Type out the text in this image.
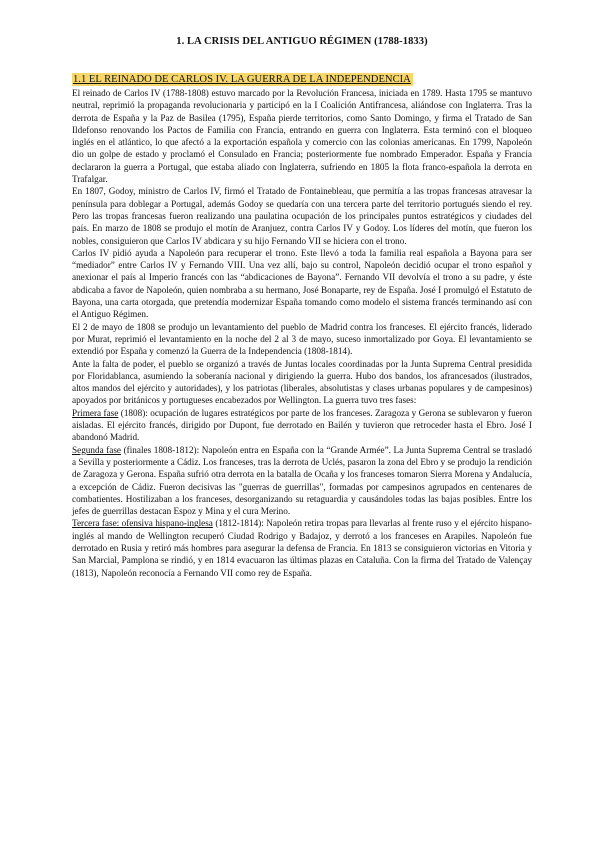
1. LA CRISIS DEL ANTIGUO RÉGIMEN (1788-1833)
1.1 EL REINADO DE CARLOS IV. LA GUERRA DE LA INDEPENDENCIA

El reinado de Carlos IV (1788-1808) estuvo marcado por la Revolución Francesa, iniciada en 1789. Hasta 1795 se mantuvo neutral, reprimió la propaganda revolucionaria y participó en la I Coalición Antifrancesa, aliándose con Inglaterra. Tras la derrota de España y la Paz de Basilea (1795), España pierde territorios, como Santo Domingo, y firma el Tratado de San Ildefonso renovando los Pactos de Familia con Francia, entrando en guerra con Inglaterra. Esta terminó con el bloqueo inglés en el atlántico, lo que afectó a la exportación española y comercio con las colonias americanas. En 1799, Napoleón dio un golpe de estado y proclamó el Consulado en Francia; posteriormente fue nombrado Emperador. España y Francia declararon la guerra a Portugal, que estaba aliado con Inglaterra, sufriendo en 1805 la flota franco-española la derrota en Trafalgar.

En 1807, Godoy, ministro de Carlos IV, firmó el Tratado de Fontainebleau, que permitía a las tropas francesas atravesar la península para doblegar a Portugal, además Godoy se quedaría con una tercera parte del territorio portugués siendo el rey. Pero las tropas francesas fueron realizando una paulatina ocupación de los principales puntos estratégicos y ciudades del país. En marzo de 1808 se produjo el motín de Aranjuez, contra Carlos IV y Godoy. Los líderes del motín, que fueron los nobles, consiguieron que Carlos IV abdicara y su hijo Fernando VII se hiciera con el trono.

Carlos IV pidió ayuda a Napoleón para recuperar el trono. Este llevó a toda la familia real española a Bayona para ser “mediador” entre Carlos IV y Fernando VIII. Una vez allí, bajo su control, Napoleón decidió ocupar el trono español y anexionar el país al Imperio francés con las “abdicaciones de Bayona”. Fernando VII devolvía el trono a su padre, y éste abdicaba a favor de Napoleón, quien nombraba a su hermano, José Bonaparte, rey de España. José I promulgó el Estatuto de Bayona, una carta otorgada, que pretendía modernizar España tomando como modelo el sistema francés terminando así con el Antiguo Régimen.

El 2 de mayo de 1808 se produjo un levantamiento del pueblo de Madrid contra los franceses. El ejército francés, liderado por Murat, reprimió el levantamiento en la noche del 2 al 3 de mayo, suceso inmortalizado por Goya. El levantamiento se extendió por España y comenzó la Guerra de la Independencia (1808-1814).

Ante la falta de poder, el pueblo se organizó a través de Juntas locales coordinadas por la Junta Suprema Central presidida por Floridablanca, asumiendo la soberanía nacional y dirigiendo la guerra. Hubo dos bandos, los afrancesados (ilustrados, altos mandos del ejército y autoridades), y los patriotas (liberales, absolutistas y clases urbanas populares y de campesinos) apoyados por británicos y portugueses encabezados por Wellington. La guerra tuvo tres fases:

Primera fase (1808): ocupación de lugares estratégicos por parte de los franceses. Zaragoza y Gerona se sublevaron y fueron aisladas. El ejército francés, dirigido por Dupont, fue derrotado en Bailén y tuvieron que retroceder hasta el Ebro. José I abandonó Madrid.

Segunda fase (finales 1808-1812): Napoleón entra en España con la “Grande Armée”. La Junta Suprema Central se trasladó a Sevilla y posteriormente a Cádiz. Los franceses, tras la derrota de Uclés, pasaron la zona del Ebro y se produjo la rendición de Zaragoza y Gerona. España sufrió otra derrota en la batalla de Ocaña y los franceses tomaron Sierra Morena y Andalucía, a excepción de Cádiz. Fueron decisivas las "guerras de guerrillas", formadas por campesinos agrupados en centenares de combatientes. Hostilizaban a los franceses, desorganizando su retaguardia y causándoles todas las bajas posibles. Entre los jefes de guerrillas destacan Espoz y Mina y el cura Merino.

Tercera fase: ofensiva hispano-inglesa (1812-1814): Napoleón retira tropas para llevarlas al frente ruso y el ejército hispano-inglés al mando de Wellington recuperó Ciudad Rodrigo y Badajoz, y derrotó a los franceses en Arapiles. Napoleón fue derrotado en Rusia y retiró más hombres para asegurar la defensa de Francia. En 1813 se consiguieron victorias en Vitoria y San Marcial, Pamplona se rindió, y en 1814 evacuaron las últimas plazas en Cataluña. Con la firma del Tratado de Valençay (1813), Napoleón reconocía a Fernando VII como rey de España.
